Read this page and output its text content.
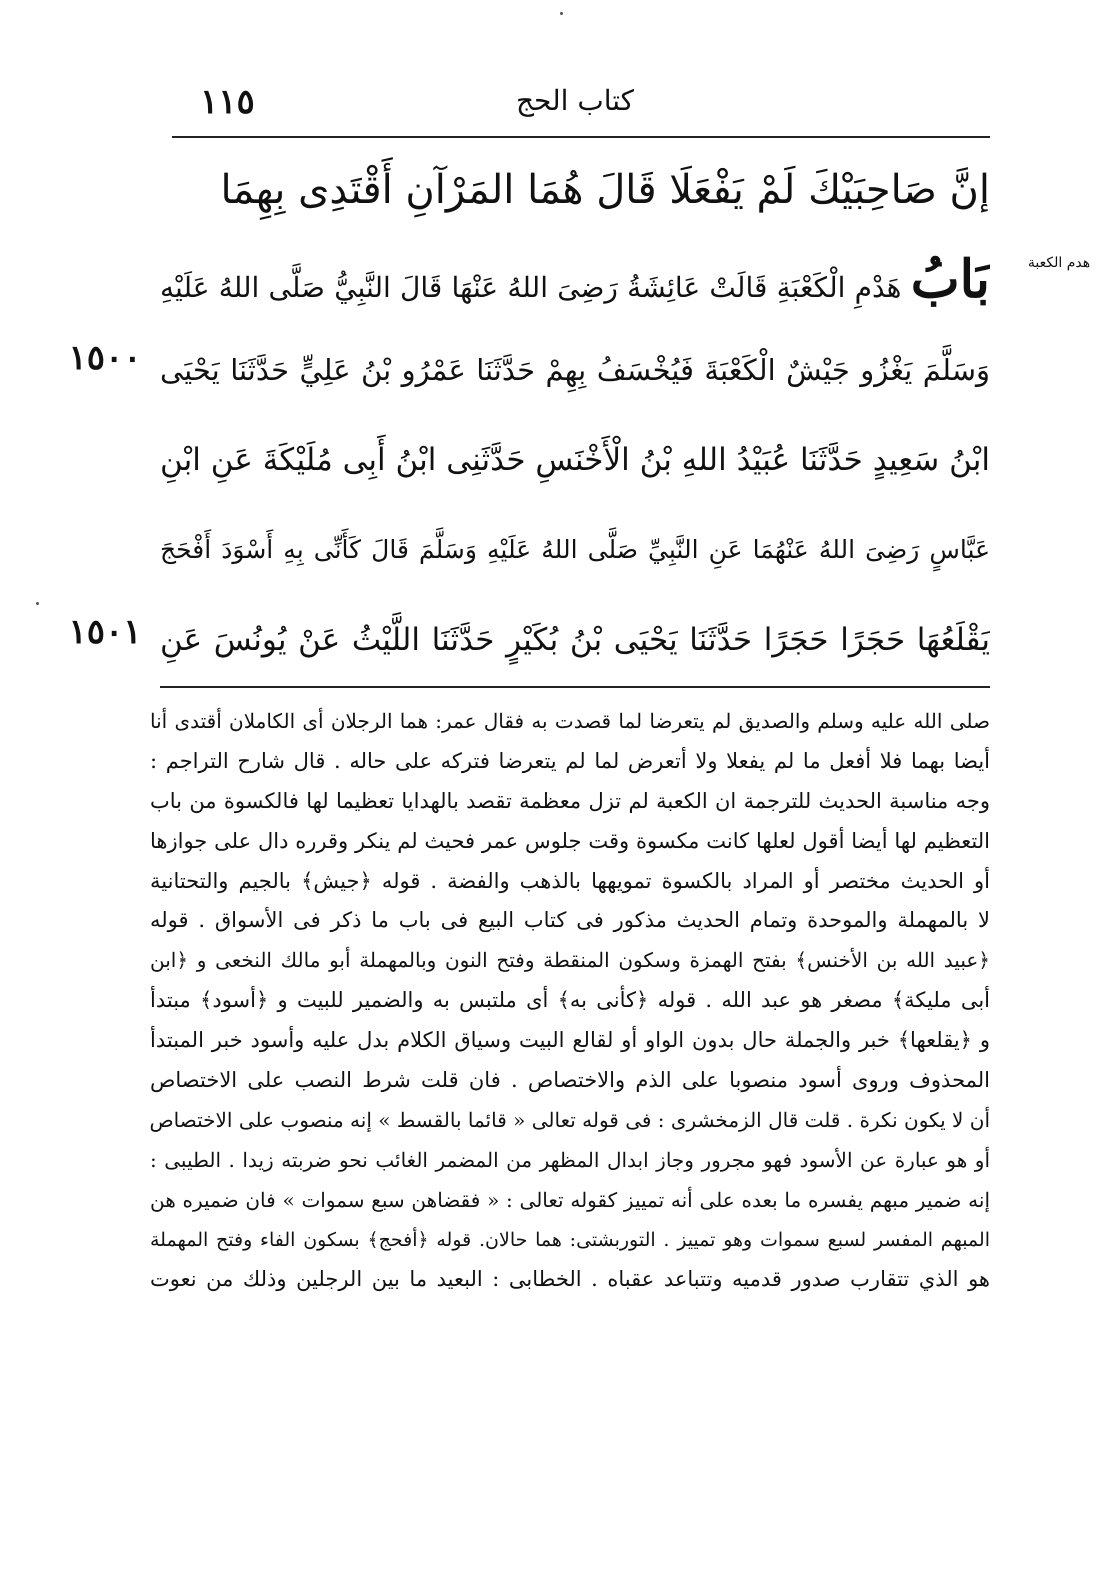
١١٥	كتاب الحج
هدم الكعبة
١٥٠٠
١٥٠١
إنَّ صَاحِبَيْكَ لَمْ يَفْعَلَا قَالَ هُمَا المَرْآنِ أَقْتَدِى بِهِمَا
بَابُ هَدْمِ الْكَعْبَةِ قَالَتْ عَائِشَةُ رَضِىَ اللهُ عَنْهَا قَالَ النَّبِيُّ صَلَّى اللهُ عَلَيْهِ
وَسَلَّمَ يَغْزُو جَيْشٌ الْكَعْبَةَ فَيُخْسَفُ بِهِمْ حَدَّثَنَا عَمْرُو بْنُ عَلِيٍّ حَدَّثَنَا يَحْيَى
ابْنُ سَعِيدٍ حَدَّثَنَا عُبَيْدُ اللهِ بْنُ الْأَخْنَسِ حَدَّثَنِى ابْنُ أَبِى مُلَيْكَةَ عَنِ ابْنِ
عَبَّاسٍ رَضِىَ اللهُ عَنْهُمَا عَنِ النَّبِيِّ صَلَّى اللهُ عَلَيْهِ وَسَلَّمَ قَالَ كَأَنِّى بِهِ أَسْوَدَ أَفْحَجَ
يَقْلَعُهَا حَجَرًا حَجَرًا حَدَّثَنَا يَحْيَى بْنُ بُكَيْرٍ حَدَّثَنَا اللَّيْثُ عَنْ يُونُسَ عَنِ
صلى الله عليه وسلم والصديق لم يتعرضا لما قصدت به فقال عمر: هما الرجلان أى الكاملان أقتدى أنا
أيضا بهما فلا أفعل ما لم يفعلا ولا أتعرض لما لم يتعرضا فتركه على حاله . قال شارح التراجم :
وجه مناسبة الحديث للترجمة ان الكعبة لم تزل معظمة تقصد بالهدايا تعظيما لها فالكسوة من باب
التعظيم لها أيضا أقول لعلها كانت مكسوة وقت جلوس عمر فحيث لم ينكر وقرره دال على جوازها
أو الحديث مختصر أو المراد بالكسوة تمويهها بالذهب والفضة . قوله ﴿جيش﴾ بالجيم والتحتانية
لا بالمهملة والموحدة وتمام الحديث مذكور فى كتاب البيع فى باب ما ذكر فى الأسواق . قوله
﴿عبيد الله بن الأخنس﴾ بفتح الهمزة وسكون المنقطة وفتح النون وبالمهملة أبو مالك النخعى و ﴿ابن
أبى مليكة﴾ مصغر هو عبد الله . قوله ﴿كأنى به﴾ أى ملتبس به والضمير للبيت و ﴿أسود﴾ مبتدأ
و ﴿يقلعها﴾ خبر والجملة حال بدون الواو أو لقالع البيت وسياق الكلام بدل عليه وأسود خبر المبتدأ
المحذوف وروى أسود منصوبا على الذم والاختصاص . فان قلت شرط النصب على الاختصاص
أن لا يكون نكرة . قلت قال الزمخشرى : فى قوله تعالى « قائما بالقسط » إنه منصوب على الاختصاص
أو هو عبارة عن الأسود فهو مجرور وجاز ابدال المظهر من المضمر الغائب نحو ضربته زيدا . الطيبى :
إنه ضمير مبهم يفسره ما بعده على أنه تمييز كقوله تعالى : « فقضاهن سبع سموات » فان ضميره هن
المبهم المفسر لسبع سموات وهو تمييز . التوربشتى: هما حالان. قوله ﴿أفحج﴾ بسكون الفاء وفتح المهملة
هو الذي تتقارب صدور قدميه وتتباعد عقباه . الخطابى : البعيد ما بين الرجلين وذلك من نعوت
